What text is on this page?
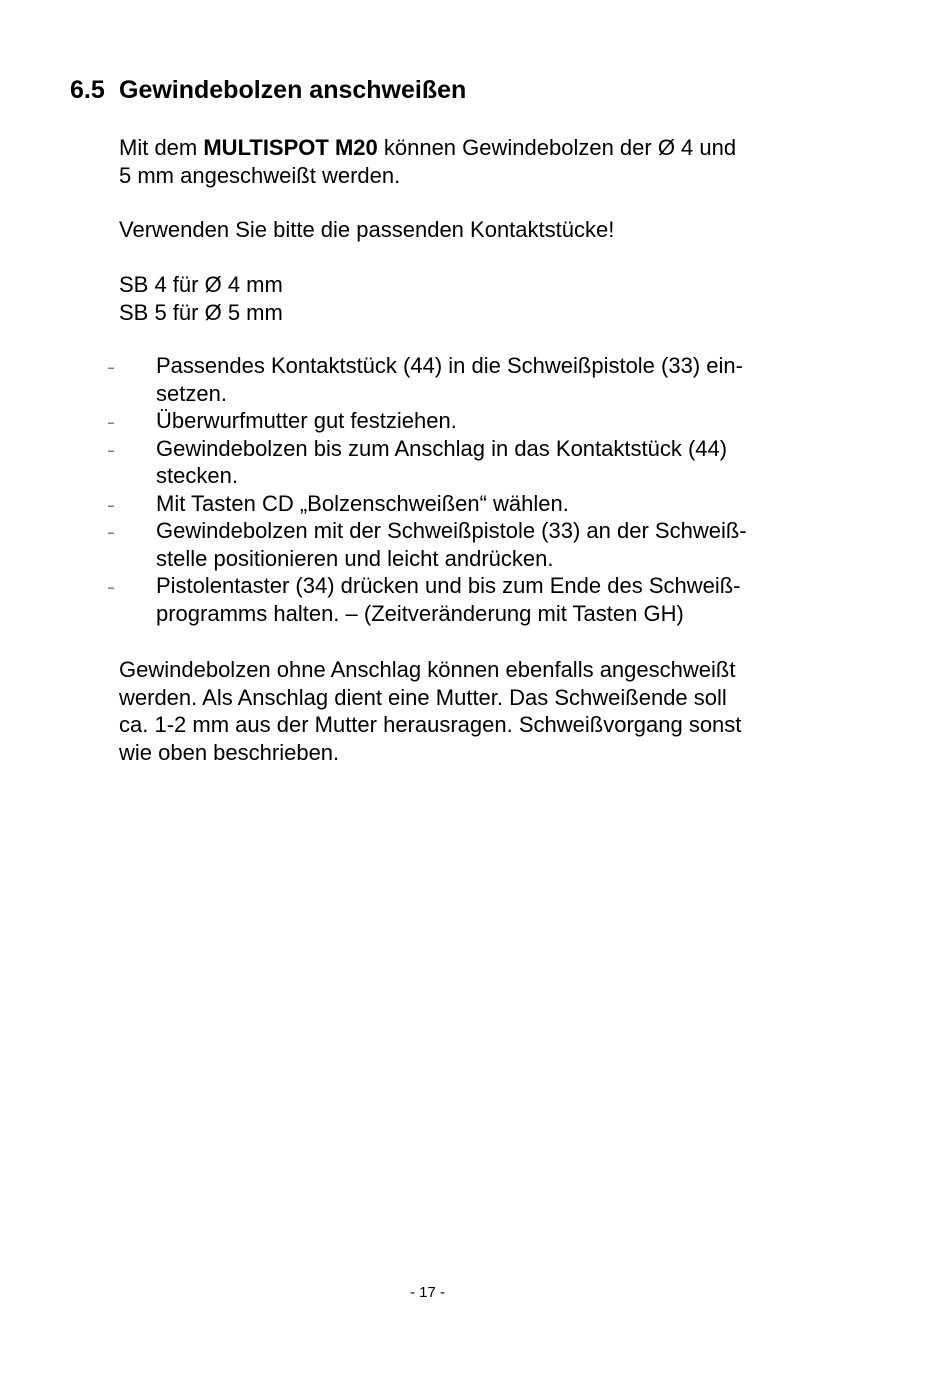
6.5 Gewindebolzen anschweißen

Mit dem MULTISPOT M20 können Gewindebolzen der Ø 4 und
5 mm angeschweißt werden.

Verwenden Sie bitte die passenden Kontaktstücke!

SB 4 für Ø 4 mm
SB 5 für Ø 5 mm

– Passendes Kontaktstück (44) in die Schweißpistole (33) ein-
setzen.
– Überwurfmutter gut festziehen.
– Gewindebolzen bis zum Anschlag in das Kontaktstück (44)
stecken.
– Mit Tasten CD „Bolzenschweißen“ wählen.
– Gewindebolzen mit der Schweißpistole (33) an der Schweiß-
stelle positionieren und leicht andrücken.
– Pistolentaster (34) drücken und bis zum Ende des Schweiß-
programms halten. – (Zeitveränderung mit Tasten GH)

Gewindebolzen ohne Anschlag können ebenfalls angeschweißt
werden. Als Anschlag dient eine Mutter. Das Schweißende soll
ca. 1-2 mm aus der Mutter herausragen. Schweißvorgang sonst
wie oben beschrieben.

- 17 -
